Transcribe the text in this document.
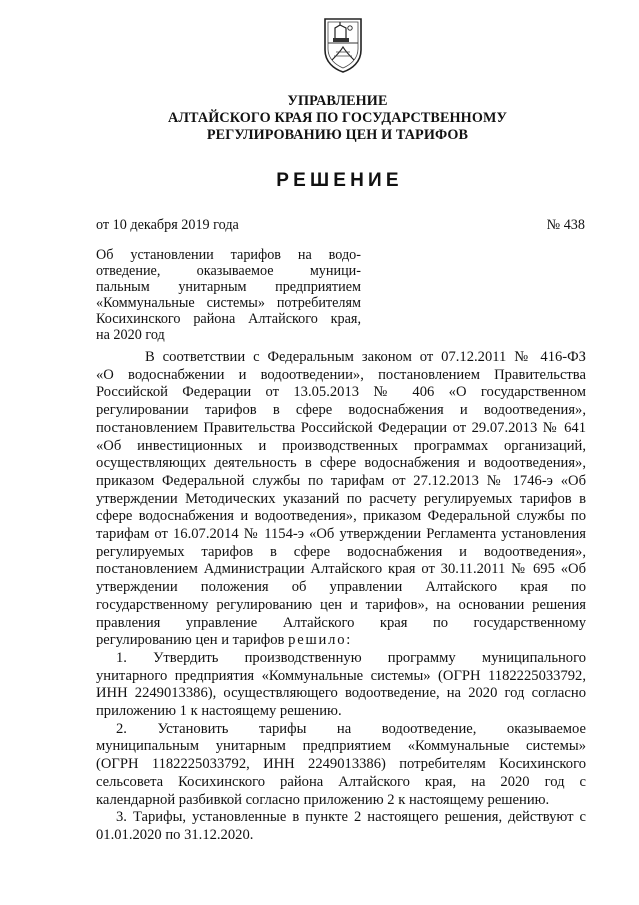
УПРАВЛЕНИЕ
АЛТАЙСКОГО КРАЯ ПО ГОСУДАРСТВЕННОМУ
РЕГУЛИРОВАНИЮ ЦЕН И ТАРИФОВ
РЕШЕНИЕ
от 10 декабря 2019 года	№ 438
Об установлении тарифов на водо-
отведение, оказываемое муници-
пальным унитарным предприятием
«Коммунальные системы» потребителям
Косихинского района Алтайского края,
на 2020 год
В соответствии с Федеральным законом от 07.12.2011 № 416-ФЗ
«О водоснабжении и водоотведении», постановлением Правительства
Российской Федерации от 13.05.2013 № 406 «О государственном
регулировании тарифов в сфере водоснабжения и водоотведения»,
постановлением Правительства Российской Федерации от 29.07.2013 № 641
«Об инвестиционных и производственных программах организаций,
осуществляющих деятельность в сфере водоснабжения и водоотведения»,
приказом Федеральной службы по тарифам от 27.12.2013 № 1746-э «Об
утверждении Методических указаний по расчету регулируемых тарифов в
сфере водоснабжения и водоотведения», приказом Федеральной службы по
тарифам от 16.07.2014 № 1154-э «Об утверждении Регламента установления
регулируемых тарифов в сфере водоснабжения и водоотведения»,
постановлением Администрации Алтайского края от 30.11.2011 № 695 «Об
утверждении положения об управлении Алтайского края по
государственному регулированию цен и тарифов», на основании решения
правления управление Алтайского края по государственному
регулированию цен и тарифов решило:
1. Утвердить производственную программу муниципального
унитарного предприятия «Коммунальные системы» (ОГРН 1182225033792,
ИНН 2249013386), осуществляющего водоотведение, на 2020 год согласно
приложению 1 к настоящему решению.
2. Установить тарифы на водоотведение, оказываемое
муниципальным унитарным предприятием «Коммунальные системы»
(ОГРН 1182225033792, ИНН 2249013386) потребителям Косихинского
сельсовета Косихинского района Алтайского края, на 2020 год с
календарной разбивкой согласно приложению 2 к настоящему решению.
3. Тарифы, установленные в пункте 2 настоящего решения, действуют с
01.01.2020 по 31.12.2020.
